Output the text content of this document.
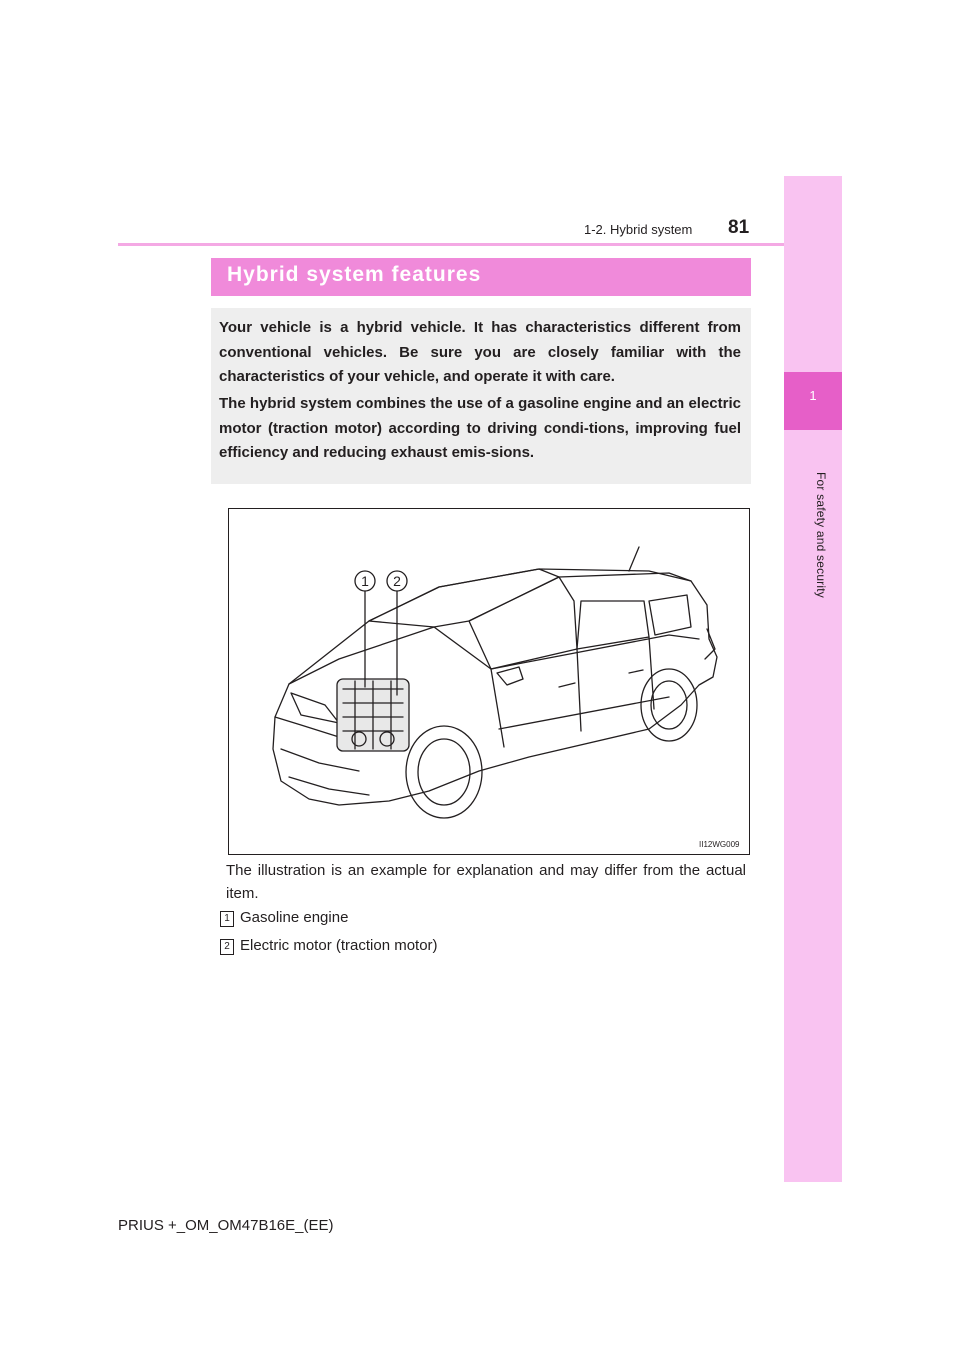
1
For safety and security
1-2. Hybrid system 81
Hybrid system features

Your vehicle is a hybrid vehicle. It has characteristics different from conventional vehicles. Be sure you are closely familiar with the characteristics of your vehicle, and operate it with care.

The hybrid system combines the use of a gasoline engine and an electric motor (traction motor) according to driving condi-tions, improving fuel efficiency and reducing exhaust emis-sions.

1 2
II12WG009

The illustration is an example for explanation and may differ from the actual item.

1 Gasoline engine
2 Electric motor (traction motor)
PRIUS +_OM_OM47B16E_(EE)
